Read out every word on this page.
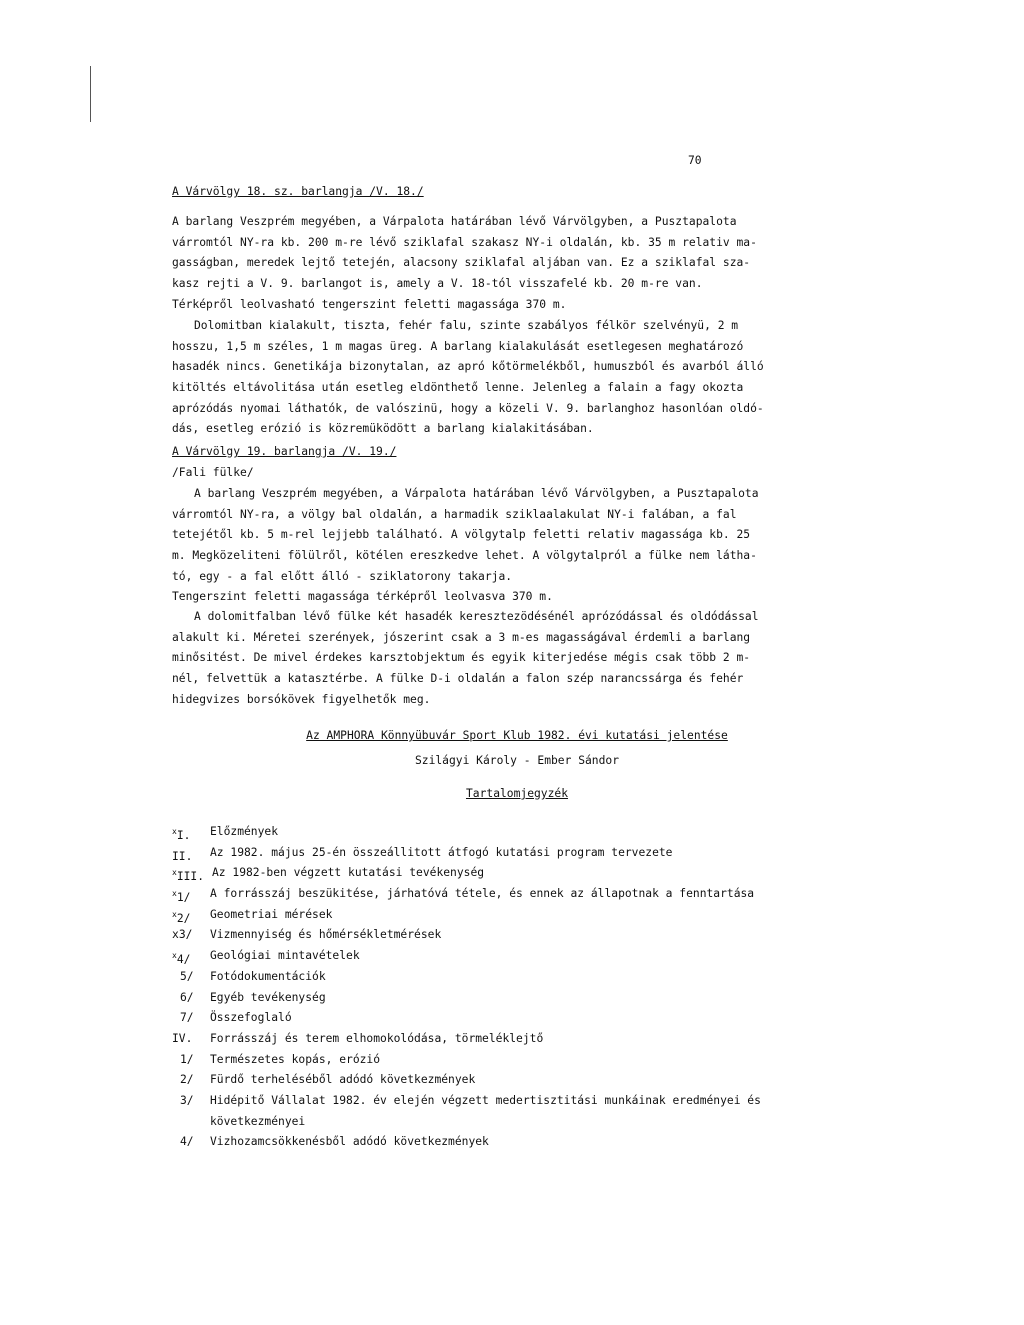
70
A Várvölgy 18. sz. barlangja /V. 18./
A barlang Veszprém megyében, a Várpalota határában lévő Várvölgyben, a Pusztapalota
várromtól NY-ra kb. 200 m-re lévő sziklafal szakasz NY-i oldalán, kb. 35 m relativ ma-
gasságban, meredek lejtő tetején, alacsony sziklafal aljában van. Ez a sziklafal sza-
kasz rejti a V. 9. barlangot is, amely a V. 18-tól visszafelé kb. 20 m-re van.
Térképről leolvasható tengerszint feletti magassága 370 m.
Dolomitban kialakult, tiszta, fehér falu, szinte szabályos félkör szelvényü, 2 m
hosszu, 1,5 m széles, 1 m magas üreg. A barlang kialakulását esetlegesen meghatározó
hasadék nincs. Genetikája bizonytalan, az apró kőtörmelékből, humuszból és avarból álló
kitöltés eltávolitása után esetleg eldönthető lenne. Jelenleg a falain a fagy okozta
aprózódás nyomai láthatók, de valószinü, hogy a közeli V. 9. barlanghoz hasonlóan oldó-
dás, esetleg erózió is közremüködött a barlang kialakitásában.
A Várvölgy 19. barlangja /V. 19./
/Fali fülke/
A barlang Veszprém megyében, a Várpalota határában lévő Várvölgyben, a Pusztapalota
várromtól NY-ra, a völgy bal oldalán, a harmadik sziklaalakulat NY-i falában, a fal
tetejétől kb. 5 m-rel lejjebb található. A völgytalp feletti relativ magassága kb. 25
m. Megközeliteni fölülről, kötélen ereszkedve lehet. A völgytalpról a fülke nem látha-
tó, egy - a fal előtt álló - sziklatorony takarja.
Tengerszint feletti magassága térképről leolvasva 370 m.
A dolomitfalban lévő fülke két hasadék keresztezödésénél aprózódással és oldódással
alakult ki. Méretei szerények, jószerint csak a 3 m-es magasságával érdemli a barlang
minősitést. De mivel érdekes karsztobjektum és egyik kiterjedése mégis csak több 2 m-
nél, felvettük a katasztérbe. A fülke D-i oldalán a falon szép narancssárga és fehér
hidegvizes borsókövek figyelhetők meg.
Az AMPHORA Könnyübuvár Sport Klub 1982. évi kutatási jelentése
Szilágyi Károly - Ember Sándor
Tartalomjegyzék
$^x$I. Előzmények
II. Az 1982. május 25-én összeállitott átfogó kutatási program tervezete
$^x$III. Az 1982-ben végzett kutatási tevékenység
$^x$1/ A forrásszáj beszükitése, járhatóvá tétele, és ennek az állapotnak a fenntartása
$^x$2/ Geometriai mérések
x3/ Vizmennyiség és hőmérsékletmérések
$^x$4/ Geológiai mintavételek
5/ Fotódokumentációk
6/ Egyéb tevékenység
7/ Összefoglaló
IV. Forrásszáj és terem elhomokolódása, törmeléklejtő
1/ Természetes kopás, erózió
2/ Fürdő terheléséből adódó következmények
3/ Hidépitő Vállalat 1982. év elején végzett medertisztitási munkáinak eredményei és
következményei
4/ Vizhozamcsökkenésből adódó következmények
